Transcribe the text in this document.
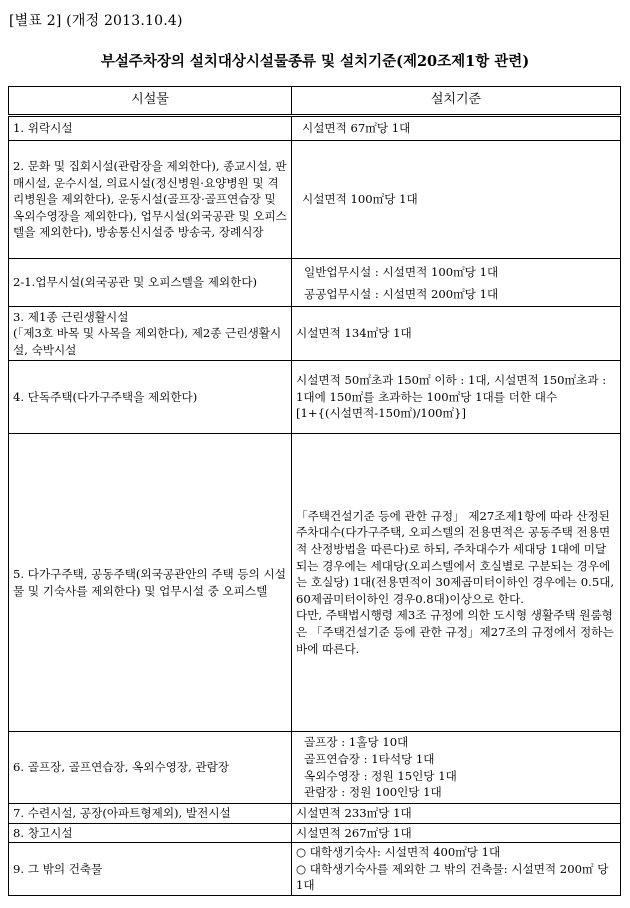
[별표 2] (개정 2013.10.4)
부설주차장의 설치대상시설물종류 및 설치기준(제20조제1항 관련)
시설물	설치기준
1. 위락시설	시설면적 67㎡당 1대
2. 문화 및 집회시설(관람장을 제외한다), 종교시설, 판매시설, 운수시설, 의료시설(정신병원·요양병원 및 격리병원을 제외한다), 운동시설(골프장·골프연습장 및 옥외수영장을 제외한다), 업무시설(외국공관 및 오피스텔을 제외한다), 방송통신시설중 방송국, 장례식장	시설면적 100㎡당 1대
2-1.업무시설(외국공관 및 오피스텔을 제외한다)	일반업무시설 : 시설면적 100㎡당 1대
공공업무시설 : 시설면적 200㎡당 1대

3. 제1종 근린생활시설
(「제3호 바목 및 사목을 제외한다), 제2종 근린생활시설, 숙박시설	시설면적 134㎡당 1대
4. 단독주택(다가구주택을 제외한다)	시설면적 50㎡초과 150㎡ 이하 : 1대, 시설면적 150㎡초과 : 1대에 150㎡를 초과하는 100㎡당 1대를 더한 대수
[1+{(시설면적-150㎡)/100㎡}]

5. 다가구주택, 공동주택(외국공관안의 주택 등의 시설물 및 기숙사를 제외한다) 및 업무시설 중 오피스텔	「주택건설기준 등에 관한 규정」 제27조제1항에 따라 산정된 주차대수(다가구주택, 오피스텔의 전용면적은 공동주택 전용면적 산정방법을 따른다)로 하되, 주차대수가 세대당 1대에 미달되는 경우에는 세대당(오피스텔에서 호실별로 구분되는 경우에는 호실당) 1대(전용면적이 30제곱미터이하인 경우에는 0.5대, 60제곱미터이하인 경우0.8대)이상으로 한다.
다만, 주택법시행령 제3조 규정에 의한 도시형 생활주택 원룸형은 「주택건설기준 등에 관한 규정」제27조의 규정에서 정하는 바에 따른다.

6. 골프장, 골프연습장, 옥외수영장, 관람장	골프장 : 1홀당 10대
골프연습장 : 1타석당 1대
옥외수영장 : 정원 15인당 1대
관람장 : 정원 100인당 1대

7. 수련시설, 공장(아파트형제외), 발전시설	시설면적 233㎡당 1대
8. 창고시설	시설면적 267㎡당 1대
9. 그 밖의 건축물	○ 대학생기숙사: 시설면적 400㎡당 1대
○ 대학생기숙사를 제외한 그 밖의 건축물: 시설면적 200㎡ 당 1대
